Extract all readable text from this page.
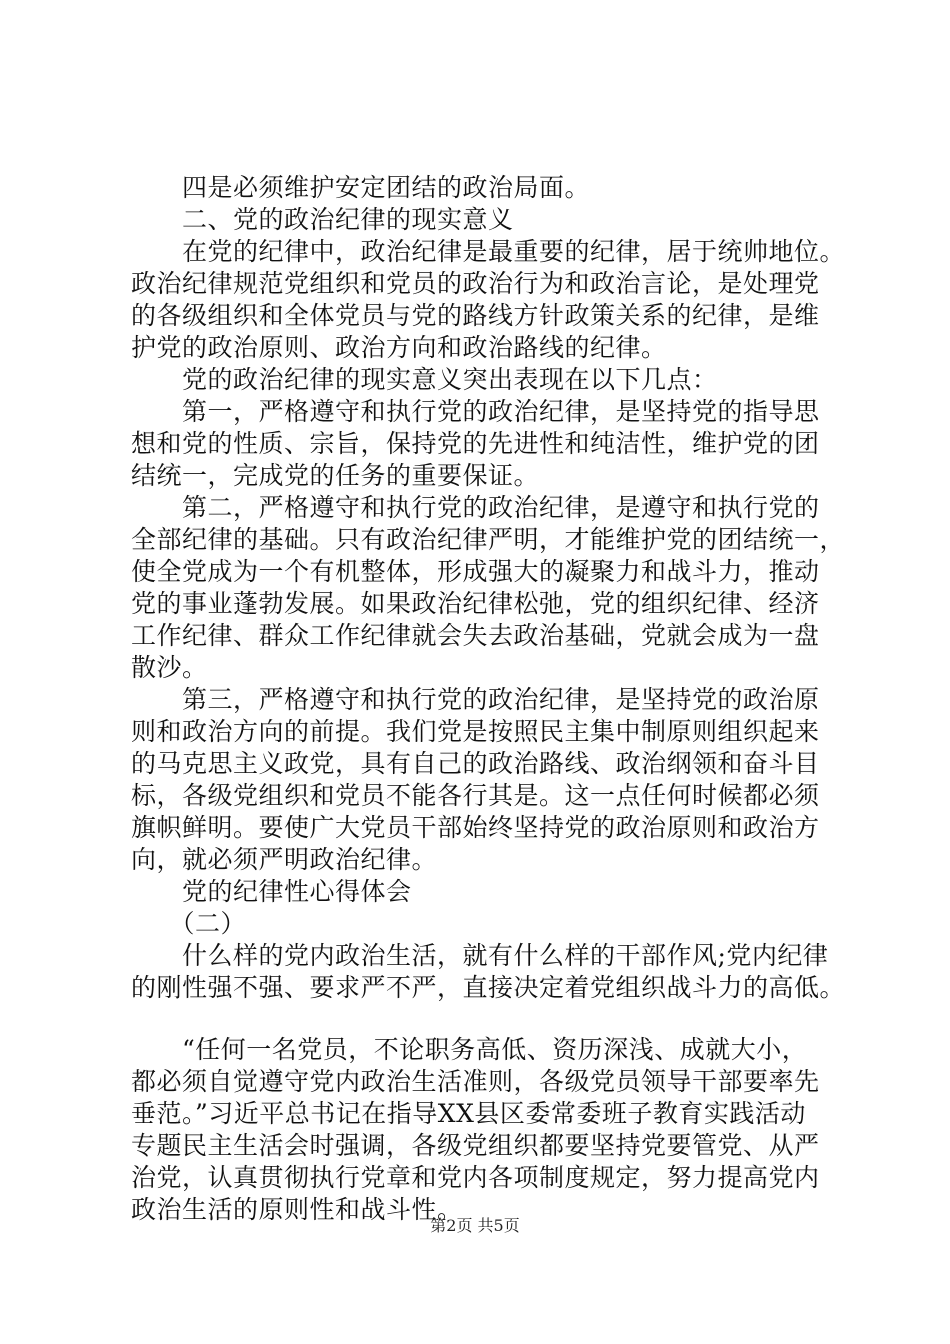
　　四是必须维护安定团结的政治局面。
　　二、党的政治纪律的现实意义
　　在党的纪律中，政治纪律是最重要的纪律，居于统帅地位。
政治纪律规范党组织和党员的政治行为和政治言论，是处理党
的各级组织和全体党员与党的路线方针政策关系的纪律，是维
护党的政治原则、政治方向和政治路线的纪律。
　　党的政治纪律的现实意义突出表现在以下几点：
　　第一，严格遵守和执行党的政治纪律，是坚持党的指导思
想和党的性质、宗旨，保持党的先进性和纯洁性，维护党的团
结统一，完成党的任务的重要保证。
　　第二，严格遵守和执行党的政治纪律，是遵守和执行党的
全部纪律的基础。只有政治纪律严明，才能维护党的团结统一，
使全党成为一个有机整体，形成强大的凝聚力和战斗力，推动
党的事业蓬勃发展。如果政治纪律松弛，党的组织纪律、经济
工作纪律、群众工作纪律就会失去政治基础，党就会成为一盘
散沙。
　　第三，严格遵守和执行党的政治纪律，是坚持党的政治原
则和政治方向的前提。我们党是按照民主集中制原则组织起来
的马克思主义政党，具有自己的政治路线、政治纲领和奋斗目
标，各级党组织和党员不能各行其是。这一点任何时候都必须
旗帜鲜明。要使广大党员干部始终坚持党的政治原则和政治方
向，就必须严明政治纪律。
　　党的纪律性心得体会
　　（二）
　　什么样的党内政治生活，就有什么样的干部作风;党内纪律
的刚性强不强、要求严不严，直接决定着党组织战斗力的高低。
　　“任何一名党员，不论职务高低、资历深浅、成就大小，
都必须自觉遵守党内政治生活准则，各级党员领导干部要率先
垂范。”习近平总书记在指导XX县区委常委班子教育实践活动
专题民主生活会时强调，各级党组织都要坚持党要管党、从严
治党，认真贯彻执行党章和党内各项制度规定，努力提高党内
政治生活的原则性和战斗性。
第2页 共5页
